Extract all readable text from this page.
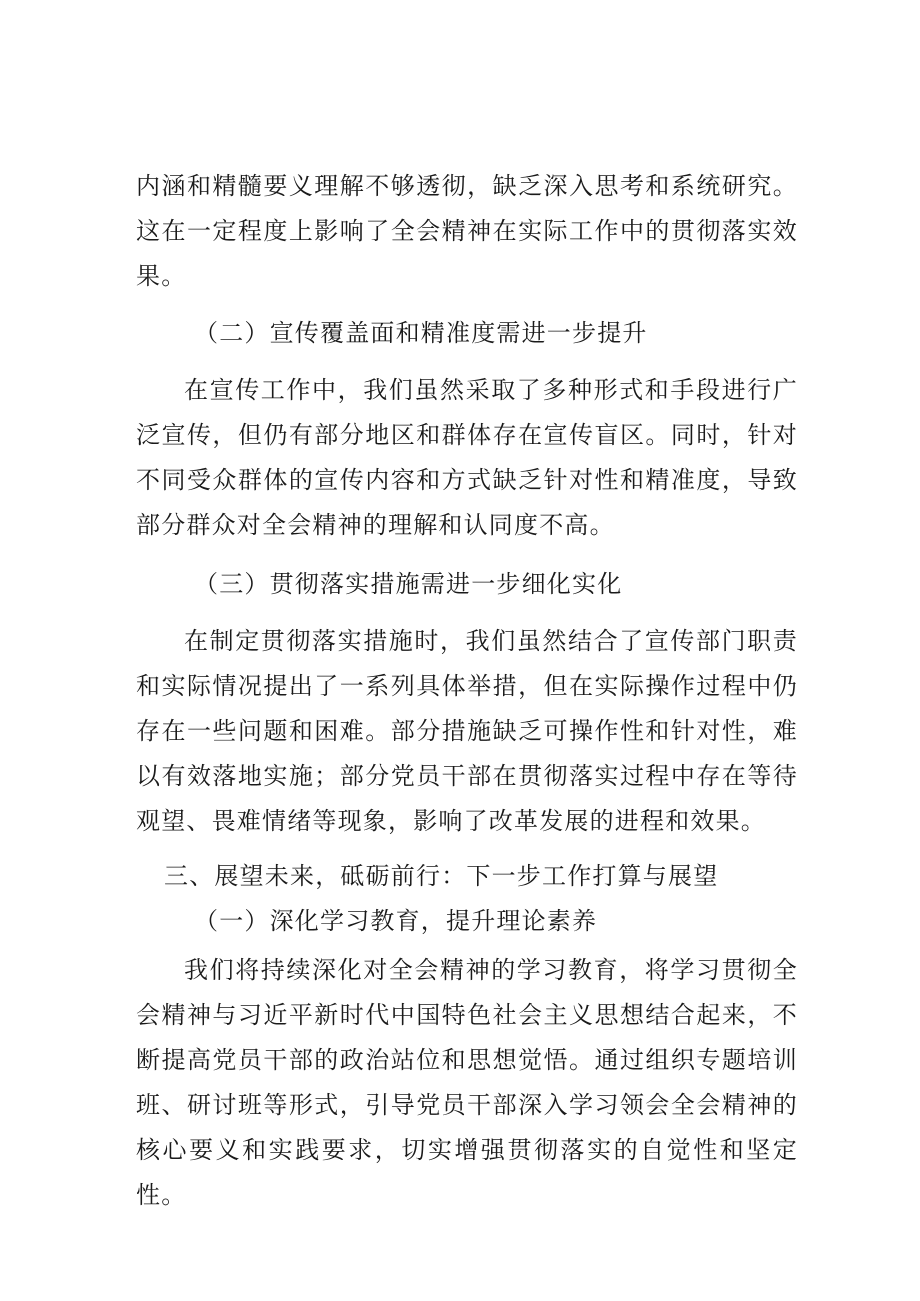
内涵和精髓要义理解不够透彻，缺乏深入思考和系统研究。这在一定程度上影响了全会精神在实际工作中的贯彻落实效果。

（二）宣传覆盖面和精准度需进一步提升

在宣传工作中，我们虽然采取了多种形式和手段进行广泛宣传，但仍有部分地区和群体存在宣传盲区。同时，针对不同受众群体的宣传内容和方式缺乏针对性和精准度，导致部分群众对全会精神的理解和认同度不高。

（三）贯彻落实措施需进一步细化实化

在制定贯彻落实措施时，我们虽然结合了宣传部门职责和实际情况提出了一系列具体举措，但在实际操作过程中仍存在一些问题和困难。部分措施缺乏可操作性和针对性，难以有效落地实施；部分党员干部在贯彻落实过程中存在等待观望、畏难情绪等现象，影响了改革发展的进程和效果。

三、展望未来，砥砺前行：下一步工作打算与展望

（一）深化学习教育，提升理论素养

我们将持续深化对全会精神的学习教育，将学习贯彻全会精神与习近平新时代中国特色社会主义思想结合起来，不断提高党员干部的政治站位和思想觉悟。通过组织专题培训班、研讨班等形式，引导党员干部深入学习领会全会精神的核心要义和实践要求，切实增强贯彻落实的自觉性和坚定性。
